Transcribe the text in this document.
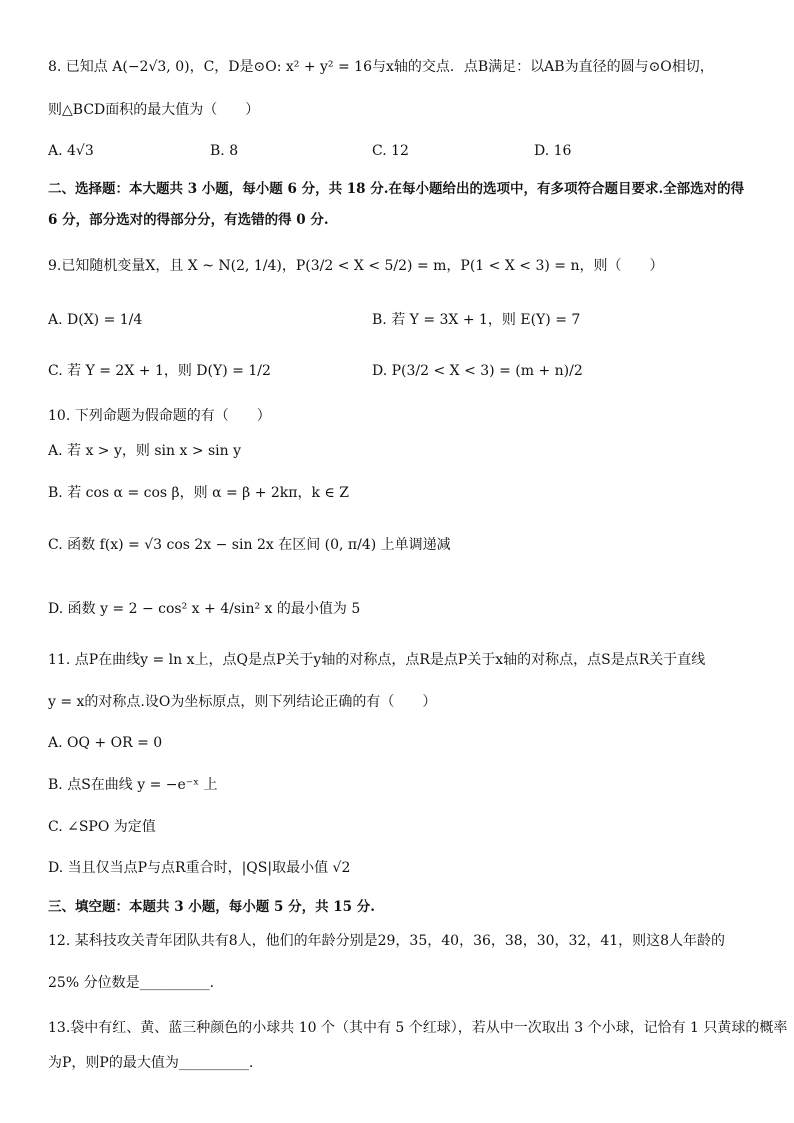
8. 已知点 A(−2√3, 0)，C，D是⊙O: x² + y² = 16与x轴的交点．点B满足：以AB为直径的圆与⊙O相切，
则△BCD面积的最大值为（　　）
A. 4√3	B. 8	C. 12	D. 16
二、选择题：本大题共 3 小题，每小题 6 分，共 18 分.在每小题给出的选项中，有多项符合题目要求.全部选对的得
6 分，部分选对的得部分分，有选错的得 0 分.
9.已知随机变量X，且 X ~ N(2, 1/4)，P(3/2 < X < 5/2) = m，P(1 < X < 3) = n，则（　　）
A. D(X) = 1/4	B. 若 Y = 3X + 1，则 E(Y) = 7
C. 若 Y = 2X + 1，则 D(Y) = 1/2	D. P(3/2 < X < 3) = (m + n)/2
10. 下列命题为假命题的有（　　）
A. 若 x > y，则 sin x > sin y
B. 若 cos α = cos β，则 α = β + 2kπ，k ∈ Z
C. 函数 f(x) = √3 cos 2x − sin 2x 在区间 (0, π/4) 上单调递减
D. 函数 y = 2 − cos² x + 4/sin² x 的最小值为 5
11. 点P在曲线y = ln x上，点Q是点P关于y轴的对称点，点R是点P关于x轴的对称点，点S是点R关于直线
y = x的对称点.设O为坐标原点，则下列结论正确的有（　　）
A. OQ + OR = 0
B. 点S在曲线 y = −e⁻ˣ 上
C. ∠SPO 为定值
D. 当且仅当点P与点R重合时，|QS|取最小值 √2
三、填空题：本题共 3 小题，每小题 5 分，共 15 分.
12. 某科技攻关青年团队共有8人，他们的年龄分别是29，35，40，36，38，30，32，41，则这8人年龄的
25% 分位数是__________.
13.袋中有红、黄、蓝三种颜色的小球共 10 个（其中有 5 个红球），若从中一次取出 3 个小球，记恰有 1 只黄球的概率
为P，则P的最大值为__________.
